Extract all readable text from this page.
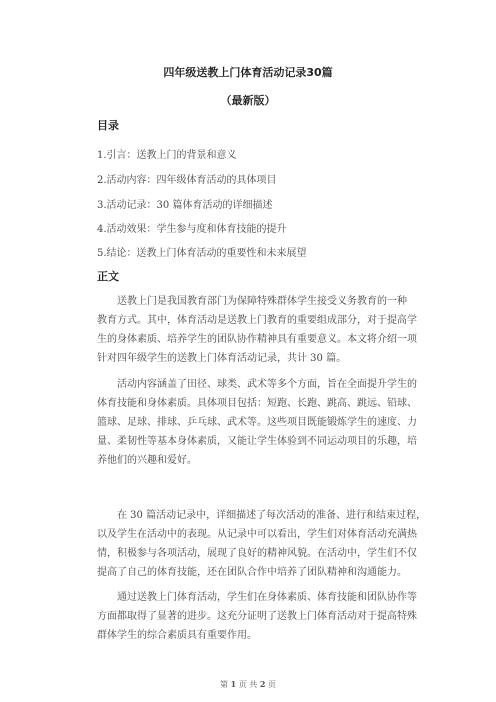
四年级送教上门体育活动记录30篇
（最新版）
目录
1.引言：送教上门的背景和意义
2.活动内容：四年级体育活动的具体项目
3.活动记录：30 篇体育活动的详细描述
4.活动效果：学生参与度和体育技能的提升
5.结论：送教上门体育活动的重要性和未来展望
正文
送教上门是我国教育部门为保障特殊群体学生接受义务教育的一种
教育方式。其中，体育活动是送教上门教育的重要组成部分，对于提高学
生的身体素质、培养学生的团队协作精神具有重要意义。本文将介绍一项
针对四年级学生的送教上门体育活动记录，共计 30 篇。
活动内容涵盖了田径、球类、武术等多个方面，旨在全面提升学生的
体育技能和身体素质。具体项目包括：短跑、长跑、跳高、跳远、铅球、
篮球、足球、排球、乒乓球、武术等。这些项目既能锻炼学生的速度、力
量、柔韧性等基本身体素质，又能让学生体验到不同运动项目的乐趣，培
养他们的兴趣和爱好。
在 30 篇活动记录中，详细描述了每次活动的准备、进行和结束过程，
以及学生在活动中的表现。从记录中可以看出，学生们对体育活动充满热
情，积极参与各项活动，展现了良好的精神风貌。在活动中，学生们不仅
提高了自己的体育技能，还在团队合作中培养了团队精神和沟通能力。
通过送教上门体育活动，学生们在身体素质、体育技能和团队协作等
方面都取得了显著的进步。这充分证明了送教上门体育活动对于提高特殊
群体学生的综合素质具有重要作用。
第 1 页 共 2 页
